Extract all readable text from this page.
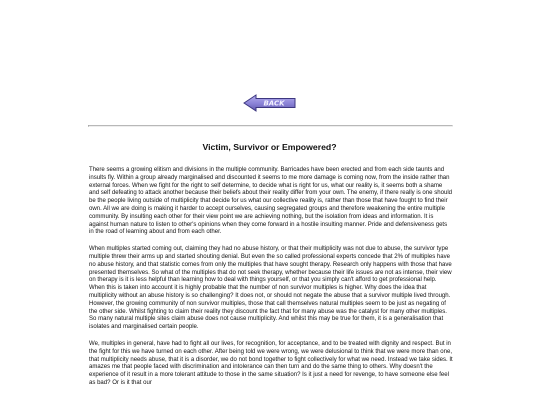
BACK
Victim, Survivor or Empowered?

There seems a growing elitism and divisions in the multiple community. Barricades have been erected and from each side taunts and insults fly. Within a group already marginalised and discounted it seems to me more damage is coming now, from the inside rather than external forces. When we fight for the right to self determine, to decide what is right for us, what our reality is, it seems both a shame and self defeating to attack another because their beliefs about their reality differ from your own. The enemy, if there really is one should be the people living outside of multiplicity that decide for us what our collective reality is, rather than those that have fought to find their own. All we are doing is making it harder to accept ourselves, causing segregated groups and therefore weakening the entire multiple community. By insulting each other for their view point we are achieving nothing, but the isolation from ideas and information. It is against human nature to listen to other's opinions when they come forward in a hostile insulting manner. Pride and defensiveness gets in the road of learning about and from each other.

When multiples started coming out, claiming they had no abuse history, or that their multiplicity was not due to abuse, the survivor type multiple threw their arms up and started shouting denial. But even the so called professional experts concede that 2% of multiples have no abuse history, and that statistic comes from only the multiples that have sought therapy. Research only happens with those that have presented themselves. So what of the multiples that do not seek therapy, whether because their life issues are not as intense, their view on therapy is it is less helpful than learning how to deal with things yourself, or that you simply can't afford to get professional help. When this is taken into account it is highly probable that the number of non survivor multiples is higher. Why does the idea that multiplicity without an abuse history is so challenging? It does not, or should not negate the abuse that a survivor multiple lived through. However, the growing community of non survivor multiples, those that call themselves natural multiples seem to be just as negating of the other side. Whilst fighting to claim their reality they discount the fact that for many abuse was the catalyst for many other multiples. So many natural multiple sites claim abuse does not cause multiplicity. And whilst this may be true for them, it is a generalisation that isolates and marginalised certain people.

We, multiples in general, have had to fight all our lives, for recognition, for acceptance, and to be treated with dignity and respect. But in the fight for this we have turned on each other. After being told we were wrong, we were delusional to think that we were more than one, that multiplicity needs abuse, that it is a disorder, we do not bond together to fight collectively for what we need. Instead we take sides. It amazes me that people faced with discrimination and intolerance can then turn and do the same thing to others. Why doesn't the experience of it result in a more tolerant attitude to those in the same situation? Is it just a need for revenge, to have someone else feel as bad? Or is it that our
